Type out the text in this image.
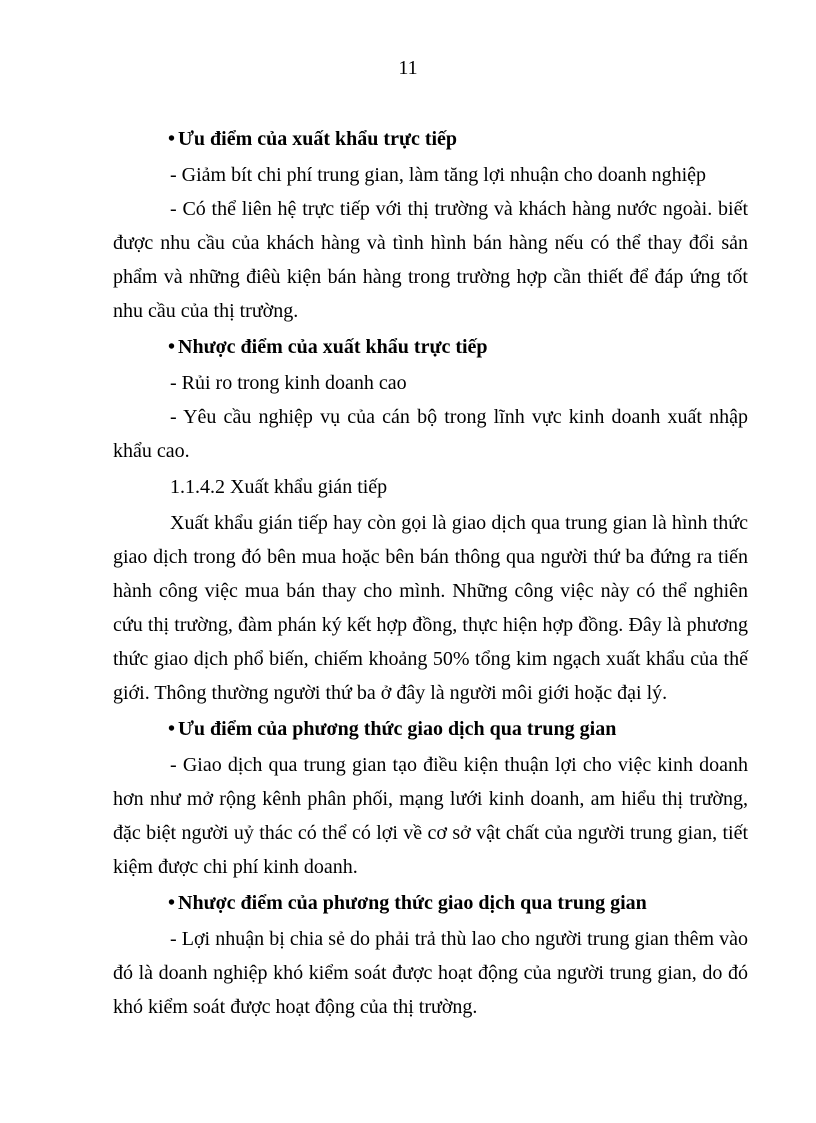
11
• Ưu điểm của xuất khẩu trực tiếp

- Giảm bít chi phí trung gian, làm tăng lợi nhuận cho doanh nghiệp

- Có thể liên hệ trực tiếp với thị trường và khách hàng nước ngoài. biết được nhu cầu của khách hàng và tình hình bán hàng nếu có thể thay đổi sản phẩm và những điêù kiện bán hàng trong trường hợp cần thiết để đáp ứng tốt nhu cầu của thị trường.

• Nhược điểm của xuất khẩu trực tiếp

- Rủi ro trong kinh doanh cao

- Yêu cầu nghiệp vụ của cán bộ trong lĩnh vực kinh doanh xuất nhập khẩu cao.

1.1.4.2 Xuất khẩu gián tiếp

Xuất khẩu gián tiếp hay còn gọi là giao dịch qua trung gian là hình thức giao dịch trong đó bên mua hoặc bên bán thông qua người thứ ba đứng ra tiến hành công việc mua bán thay cho mình. Những công việc này có thể nghiên cứu thị trường, đàm phán ký kết hợp đồng, thực hiện hợp đồng. Đây là phương thức giao dịch phổ biến, chiếm khoảng 50% tổng kim ngạch xuất khẩu của thế giới. Thông thường người thứ ba ở đây là người môi giới hoặc đại lý.

• Ưu điểm của phương thức giao dịch qua trung gian

- Giao dịch qua trung gian tạo điều kiện thuận lợi cho việc kinh doanh hơn như mở rộng kênh phân phối, mạng lưới kinh doanh, am hiểu thị trường, đặc biệt người uỷ thác có thể có lợi về cơ sở vật chất của người trung gian, tiết kiệm được chi phí kinh doanh.

• Nhược điểm của phương thức giao dịch qua trung gian

- Lợi nhuận bị chia sẻ do phải trả thù lao cho người trung gian thêm vào đó là doanh nghiệp khó kiểm soát được hoạt động của người trung gian, do đó khó kiểm soát được hoạt động của thị trường.
